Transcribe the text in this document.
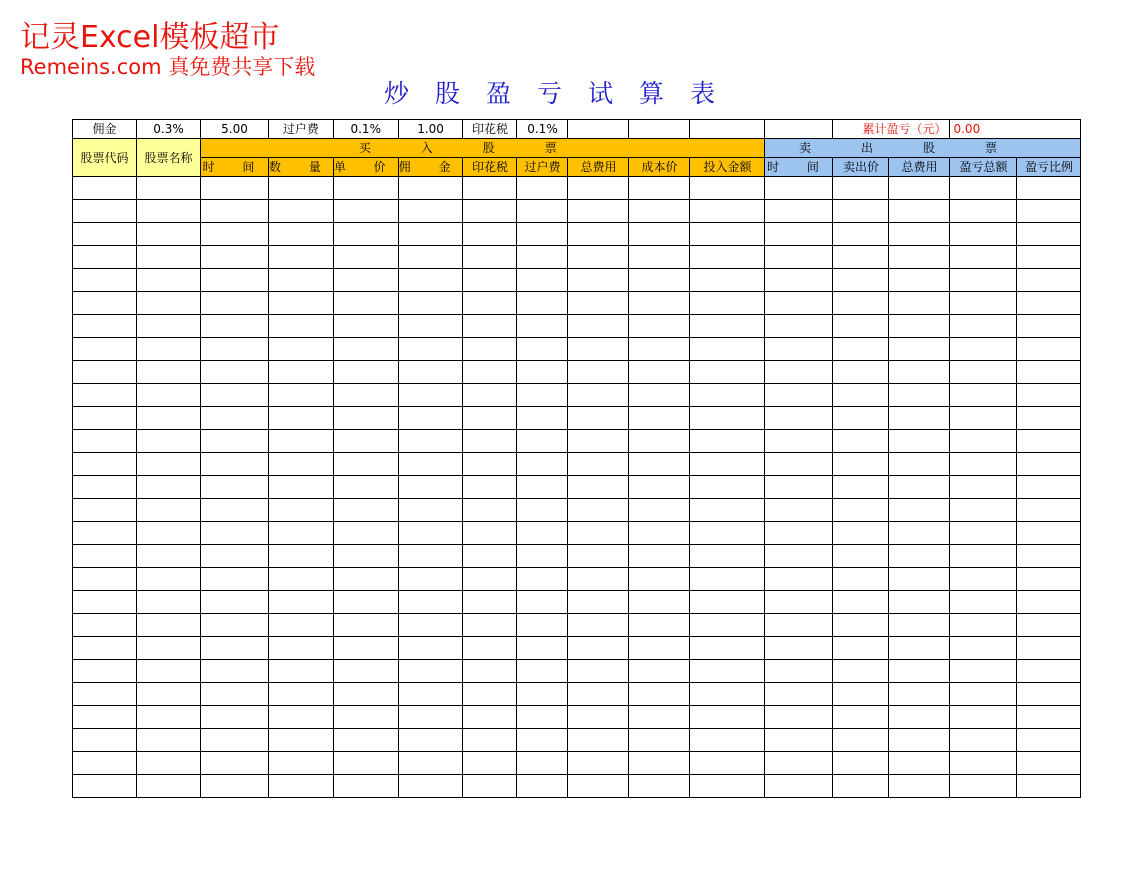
记灵Excel模板超市
Remeins.com 真免费共享下载
炒股盈亏试算表
佣金	0.3%	5.00	过户费	0.1%	1.00	印花税	0.1%					累计盈亏（元）		0.00	
股票代码	股票名称	买入股票									卖出股票				
		时 间	数 量	单 价	佣 金	印花税	过户费	总费用	成本价	投入金额	时 间	卖出价	总费用	盈亏总额	盈亏比例
